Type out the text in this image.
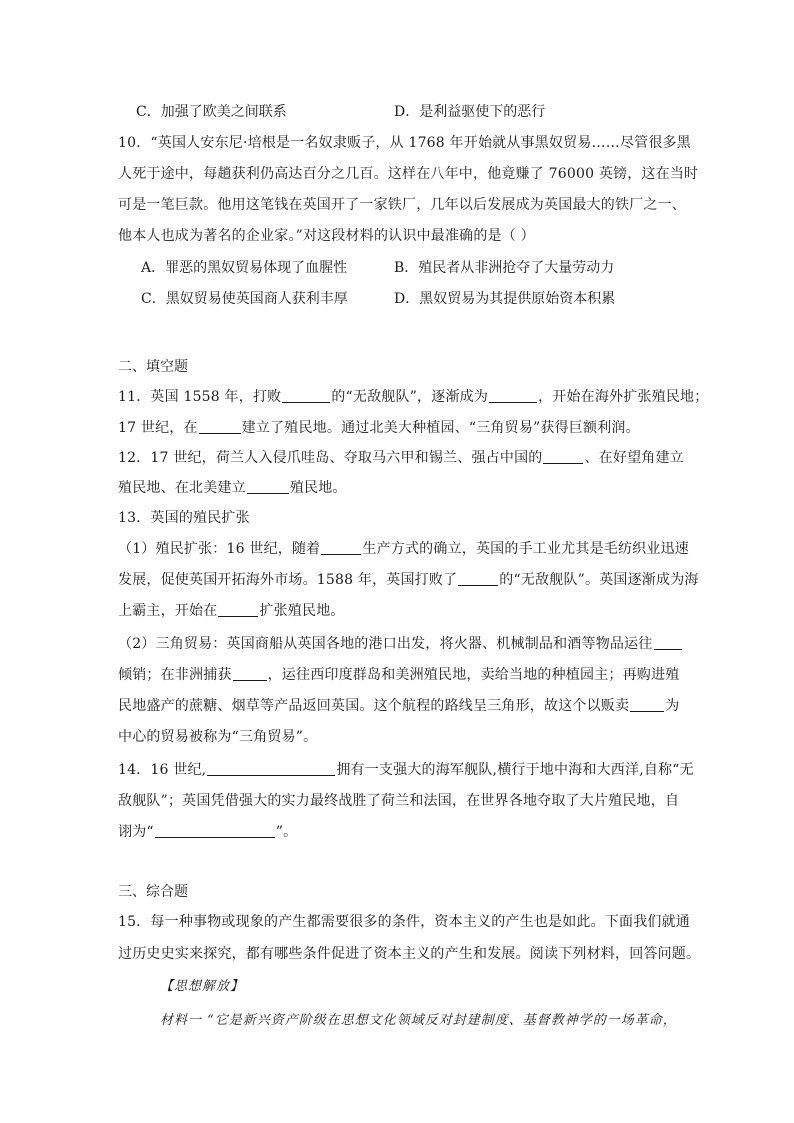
C．加强了欧美之间联系	D．是利益驱使下的恶行
10．“英国人安东尼·培根是一名奴隶贩子，从 1768 年开始就从事黑奴贸易……尽管很多黑
人死于途中，每趟获利仍高达百分之几百。这样在八年中，他竟赚了 76000 英镑，这在当时
可是一笔巨款。他用这笔钱在英国开了一家铁厂，几年以后发展成为英国最大的铁厂之一、
他本人也成为著名的企业家。”对这段材料的认识中最准确的是（ ）
A．罪恶的黑奴贸易体现了血腥性	B．殖民者从非洲抢夺了大量劳动力
C．黑奴贸易使英国商人获利丰厚	D．黑奴贸易为其提供原始资本积累
二、填空题
11．英国 1558 年，打败	的“无敌舰队”，逐渐成为	，开始在海外扩张殖民地；
17 世纪，在	建立了殖民地。通过北美大种植园、“三角贸易”获得巨额利润。
12．17 世纪，荷兰人入侵爪哇岛、夺取马六甲和锡兰、强占中国的	、在好望角建立
殖民地、在北美建立	殖民地。
13．英国的殖民扩张
（1）殖民扩张：16 世纪，随着	生产方式的确立，英国的手工业尤其是毛纺织业迅速
发展，促使英国开拓海外市场。1588 年，英国打败了	的“无敌舰队”。英国逐渐成为海
上霸主，开始在	扩张殖民地。
（2）三角贸易：英国商船从英国各地的港口出发，将火器、机械制品和酒等物品运往
倾销；在非洲捕获	，运往西印度群岛和美洲殖民地，卖给当地的种植园主；再购进殖
民地盛产的蔗糖、烟草等产品返回英国。这个航程的路线呈三角形，故这个以贩卖	为
中心的贸易被称为“三角贸易”。
14．16 世纪,	拥有一支强大的海军舰队,横行于地中海和大西洋,自称“无
敌舰队”；英国凭借强大的实力最终战胜了荷兰和法国，在世界各地夺取了大片殖民地，自
诩为“	”。
三、综合题
15．每一种事物或现象的产生都需要很多的条件，资本主义的产生也是如此。下面我们就通
过历史史实来探究，都有哪些条件促进了资本主义的产生和发展。阅读下列材料，回答问题。
【思想解放】
材料一 “它是新兴资产阶级在思想文化领域反对封建制度、基督教神学的一场革命，
